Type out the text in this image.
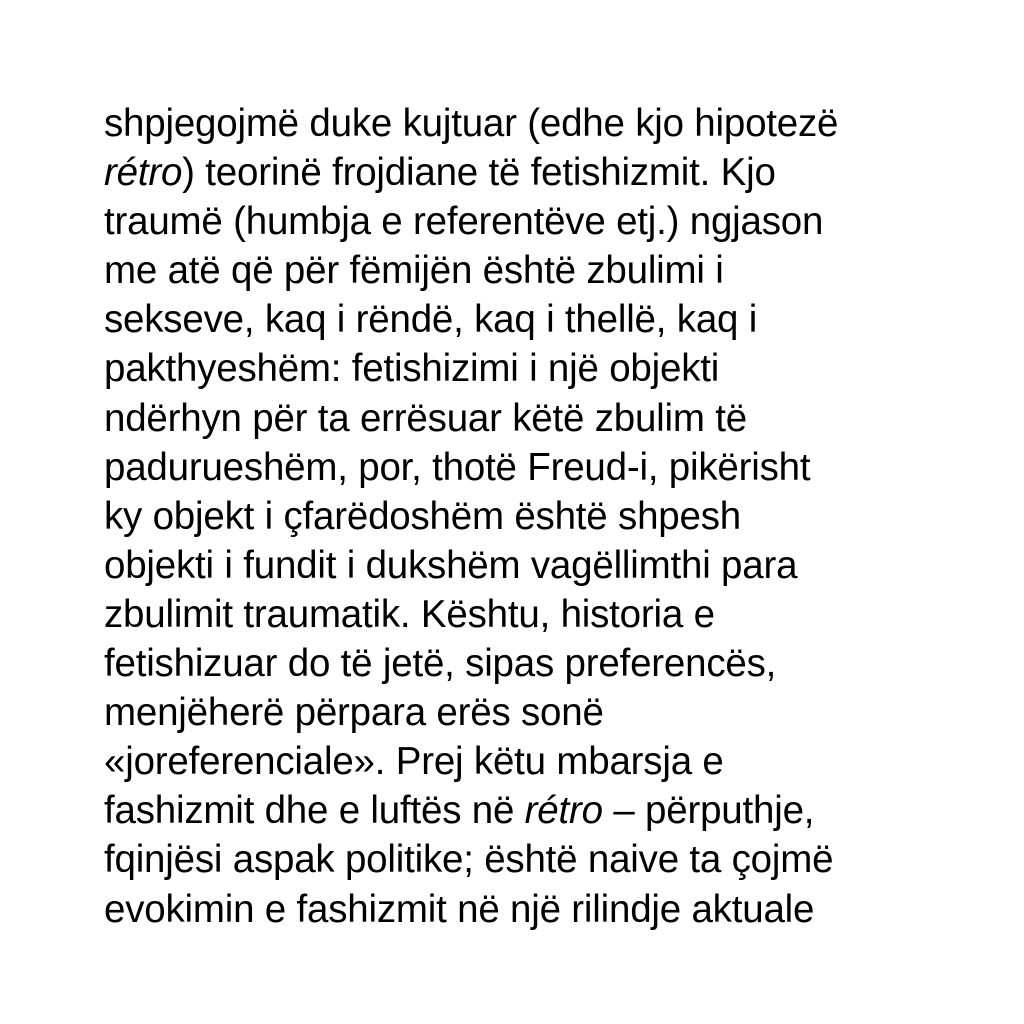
shpjegojmë duke kujtuar (edhe kjo hipotezë
rétro) teorinë frojdiane të fetishizmit. Kjo
traumë (humbja e referentëve etj.) ngjason
me atë që për fëmijën është zbulimi i
sekseve, kaq i rëndë, kaq i thellë, kaq i
pakthyeshëm: fetishizimi i një objekti
ndërhyn për ta errësuar këtë zbulim të
padurueshëm, por, thotë Freud-i, pikërisht
ky objekt i çfarëdoshëm është shpesh
objekti i fundit i dukshëm vagëllimthi para
zbulimit traumatik. Kështu, historia e
fetishizuar do të jetë, sipas preferencës,
menjëherë përpara erës sonë
«joreferenciale». Prej këtu mbarsja e
fashizmit dhe e luftës në rétro – përputhje,
fqinjësi aspak politike; është naive ta çojmë
evokimin e fashizmit në një rilindje aktuale
